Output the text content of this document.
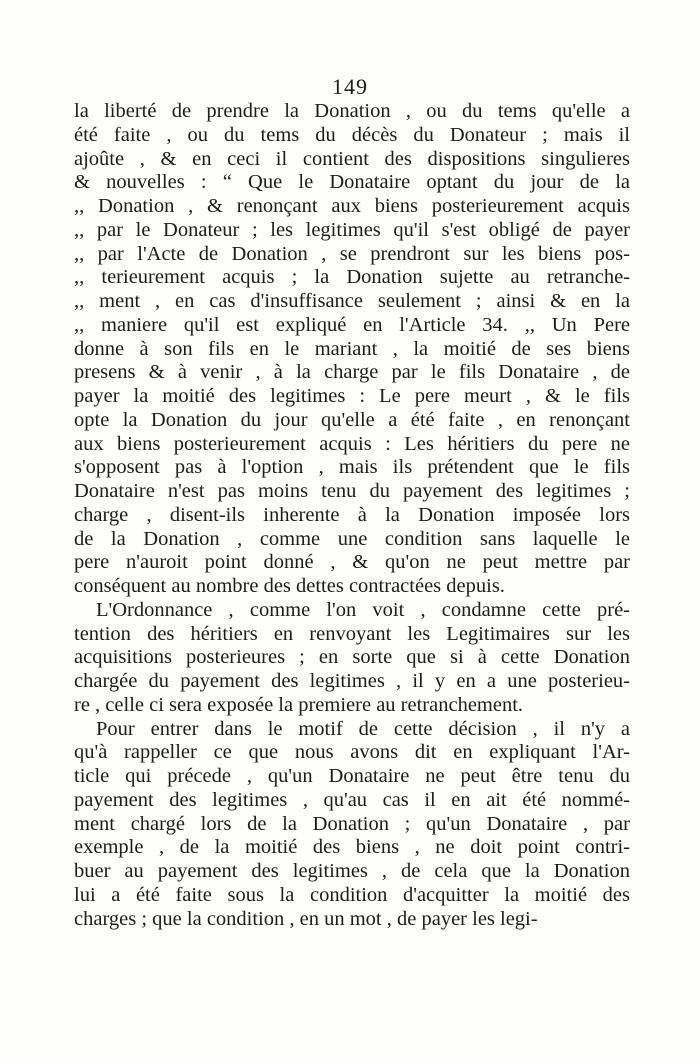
149
la liberté de prendre la Donation , ou du tems qu'elle a
été faite , ou du tems du décès du Donateur ; mais il
ajoûte , & en ceci il contient des dispositions singulieres
& nouvelles : “ Que le Donataire optant du jour de la
,, Donation , & renonçant aux biens posterieurement acquis
,, par le Donateur ; les legitimes qu'il s'est obligé de payer
,, par l'Acte de Donation , se prendront sur les biens pos-
,, terieurement acquis ; la Donation sujette au retranche-
,, ment , en cas d'insuffisance seulement ; ainsi & en la
,, maniere qu'il est expliqué en l'Article 34. ,, Un Pere
donne à son fils en le mariant , la moitié de ses biens
presens & à venir , à la charge par le fils Donataire , de
payer la moitié des legitimes : Le pere meurt , & le fils
opte la Donation du jour qu'elle a été faite , en renonçant
aux biens posterieurement acquis : Les héritiers du pere ne
s'opposent pas à l'option , mais ils prétendent que le fils
Donataire n'est pas moins tenu du payement des legitimes ;
charge , disent-ils inherente à la Donation imposée lors
de la Donation , comme une condition sans laquelle le
pere n'auroit point donné , & qu'on ne peut mettre par
conséquent au nombre des dettes contractées depuis.
L'Ordonnance , comme l'on voit , condamne cette pré-
tention des héritiers en renvoyant les Legitimaires sur les
acquisitions posterieures ; en sorte que si à cette Donation
chargée du payement des legitimes , il y en a une posterieu-
re , celle ci sera exposée la premiere au retranchement.
Pour entrer dans le motif de cette décision , il n'y a
qu'à rappeller ce que nous avons dit en expliquant l'Ar-
ticle qui précede , qu'un Donataire ne peut être tenu du
payement des legitimes , qu'au cas il en ait été nommé-
ment chargé lors de la Donation ; qu'un Donataire , par
exemple , de la moitié des biens , ne doit point contri-
buer au payement des legitimes , de cela que la Donation
lui a été faite sous la condition d'acquitter la moitié des
charges ; que la condition , en un mot , de payer les legi-
